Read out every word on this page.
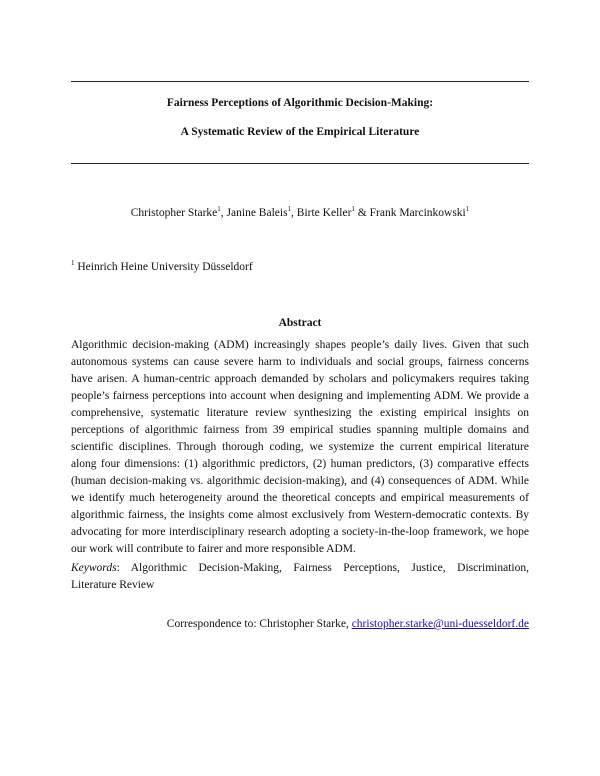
Fairness Perceptions of Algorithmic Decision-Making:
A Systematic Review of the Empirical Literature
Christopher Starke$^1$, Janine Baleis$^1$, Birte Keller$^1$ & Frank Marcinkowski$^1$
$^1$ Heinrich Heine University Düsseldorf
Abstract
Algorithmic decision-making (ADM) increasingly shapes people’s daily lives. Given that such
autonomous systems can cause severe harm to individuals and social groups, fairness concerns
have arisen. A human-centric approach demanded by scholars and policymakers requires taking
people’s fairness perceptions into account when designing and implementing ADM. We provide a
comprehensive, systematic literature review synthesizing the existing empirical insights on
perceptions of algorithmic fairness from 39 empirical studies spanning multiple domains and
scientific disciplines. Through thorough coding, we systemize the current empirical literature
along four dimensions: (1) algorithmic predictors, (2) human predictors, (3) comparative effects
(human decision-making vs. algorithmic decision-making), and (4) consequences of ADM. While
we identify much heterogeneity around the theoretical concepts and empirical measurements of
algorithmic fairness, the insights come almost exclusively from Western-democratic contexts. By
advocating for more interdisciplinary research adopting a society-in-the-loop framework, we hope
our work will contribute to fairer and more responsible ADM.
Keywords: Algorithmic Decision-Making, Fairness Perceptions, Justice, Discrimination,
Literature Review
Correspondence to: Christopher Starke, christopher.starke@uni-duesseldorf.de
